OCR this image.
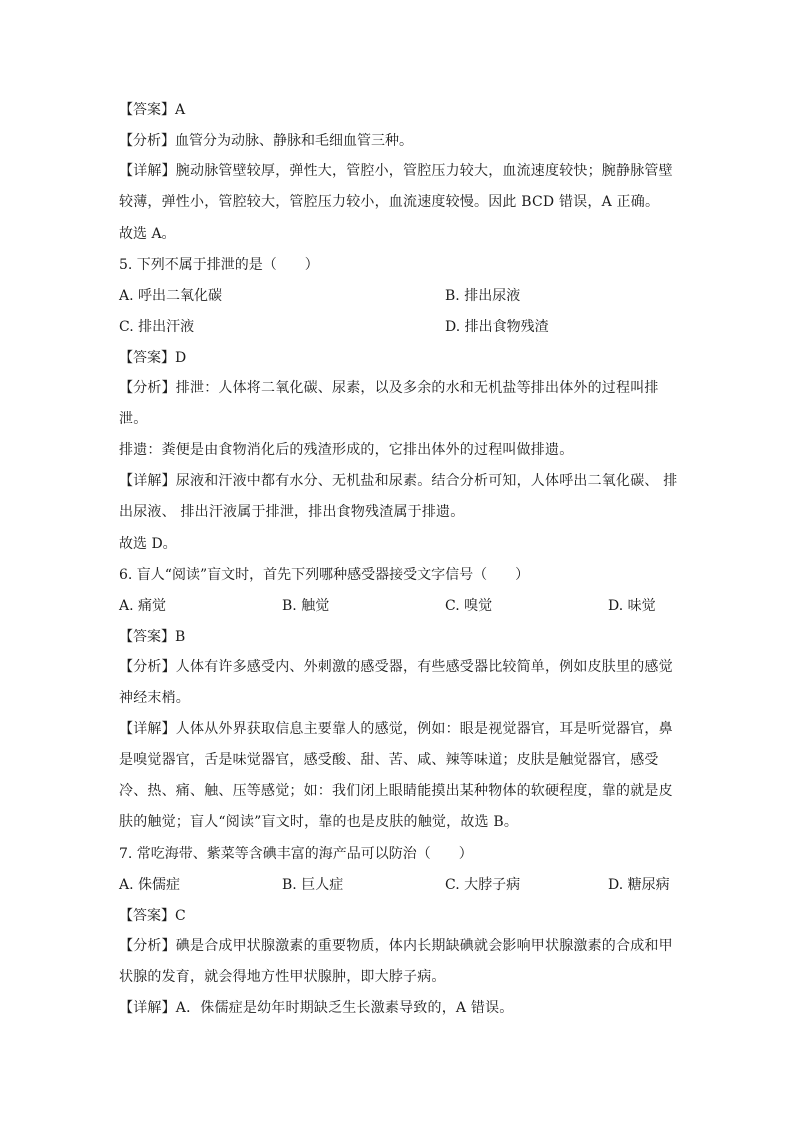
【答案】A
【分析】血管分为动脉、静脉和毛细血管三种。
【详解】腕动脉管壁较厚，弹性大，管腔小，管腔压力较大，血流速度较快；腕静脉管壁较薄，弹性小，管腔较大，管腔压力较小，血流速度较慢。因此 BCD 错误，A 正确。
故选 A。
5. 下列不属于排泄的是（　　）
A. 呼出二氧化碳	B. 排出尿液
C. 排出汗液	D. 排出食物残渣
【答案】D
【分析】排泄：人体将二氧化碳、尿素，以及多余的水和无机盐等排出体外的过程叫排泄。
排遗：粪便是由食物消化后的残渣形成的，它排出体外的过程叫做排遗。
【详解】尿液和汗液中都有水分、无机盐和尿素。结合分析可知，人体呼出二氧化碳、 排出尿液、 排出汗液属于排泄，排出食物残渣属于排遗。
故选 D。
6. 盲人“阅读”盲文时，首先下列哪种感受器接受文字信号（　　）
A. 痛觉	B. 触觉	C. 嗅觉	D. 味觉
【答案】B
【分析】人体有许多感受内、外刺激的感受器，有些感受器比较简单，例如皮肤里的感觉神经末梢。
【详解】人体从外界获取信息主要靠人的感觉，例如：眼是视觉器官，耳是听觉器官，鼻是嗅觉器官，舌是味觉器官，感受酸、甜、苦、咸、辣等味道；皮肤是触觉器官，感受冷、热、痛、触、压等感觉；如：我们闭上眼睛能摸出某种物体的软硬程度，靠的就是皮肤的触觉；盲人“阅读”盲文时，靠的也是皮肤的触觉，故选 B。
7. 常吃海带、紫菜等含碘丰富的海产品可以防治（　　）
A. 侏儒症	B. 巨人症	C. 大脖子病	D. 糖尿病
【答案】C
【分析】碘是合成甲状腺激素的重要物质，体内长期缺碘就会影响甲状腺激素的合成和甲状腺的发育，就会得地方性甲状腺肿，即大脖子病。
【详解】A．侏儒症是幼年时期缺乏生长激素导致的，A 错误。
